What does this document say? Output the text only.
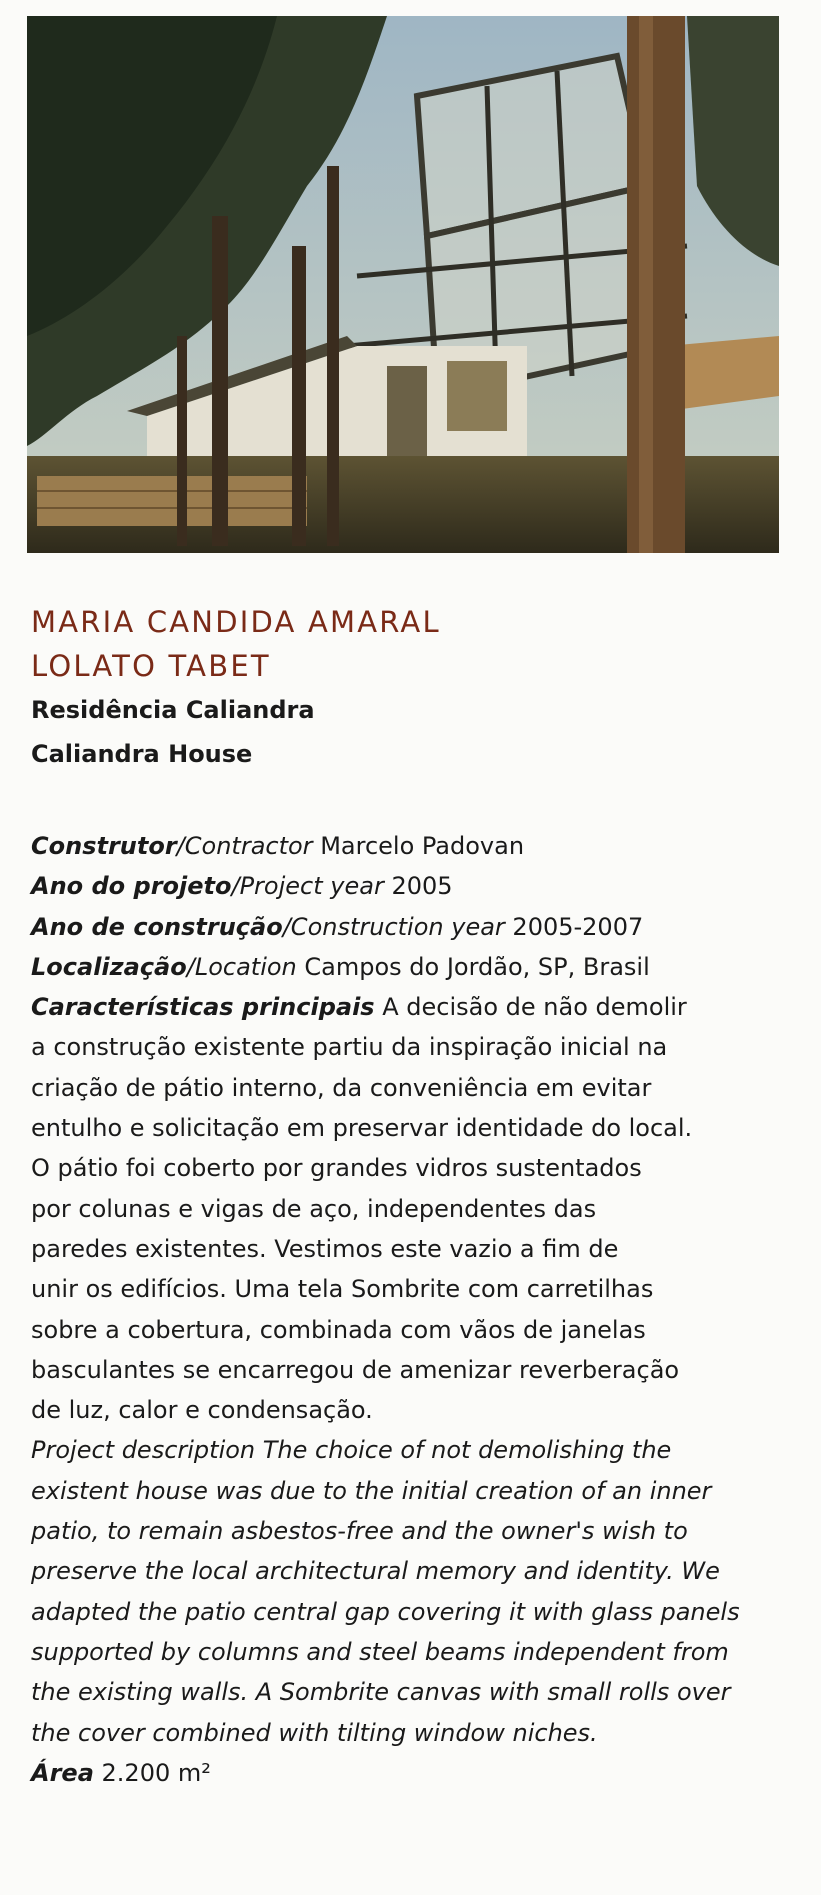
MARIA CANDIDA AMARAL

LOLATO TABET

Residência Caliandra

Caliandra House

Construtor/Contractor Marcelo Padovan

Ano do projeto/Project year 2005

Ano de construção/Construction year 2005-2007

Localização/Location Campos do Jordão, SP, Brasil

Características principais A decisão de não demolir

a construção existente partiu da inspiração inicial na

criação de pátio interno, da conveniência em evitar

entulho e solicitação em preservar identidade do local.

O pátio foi coberto por grandes vidros sustentados

por colunas e vigas de aço, independentes das

paredes existentes. Vestimos este vazio a fim de

unir os edifícios. Uma tela Sombrite com carretilhas

sobre a cobertura, combinada com vãos de janelas

basculantes se encarregou de amenizar reverberação

de luz, calor e condensação.

Project description The choice of not demolishing the

existent house was due to the initial creation of an inner

patio, to remain asbestos-free and the owner's wish to

preserve the local architectural memory and identity. We

adapted the patio central gap covering it with glass panels

supported by columns and steel beams independent from

the existing walls. A Sombrite canvas with small rolls over

the cover combined with tilting window niches.

Área 2.200 m²
